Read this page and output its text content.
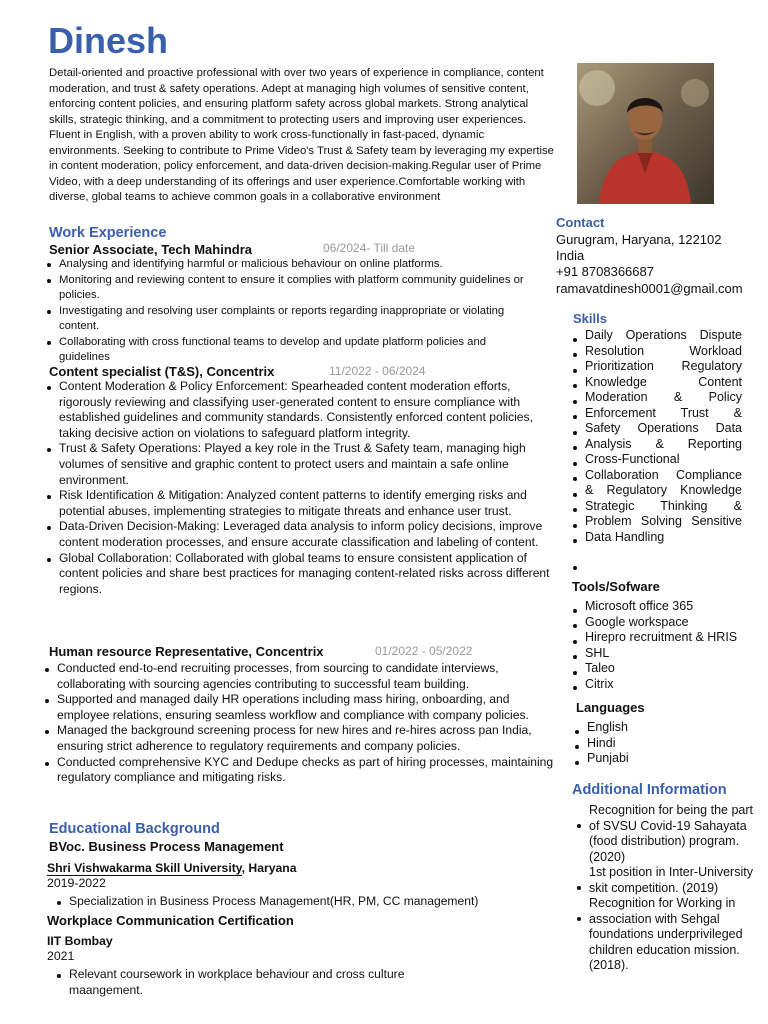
Dinesh
Detail-oriented and proactive professional with over two years of experience in compliance, content moderation, and trust & safety operations. Adept at managing high volumes of sensitive content, enforcing content policies, and ensuring platform safety across global markets. Strong analytical skills, strategic thinking, and a commitment to protecting users and improving user experiences. Fluent in English, with a proven ability to work cross-functionally in fast-paced, dynamic environments. Seeking to contribute to Prime Video's Trust & Safety team by leveraging my expertise in content moderation, policy enforcement, and data-driven decision-making.Regular user of Prime Video, with a deep understanding of its offerings and user experience.Comfortable working with diverse, global teams to achieve common goals in a collaborative environment
Work Experience
Senior Associate, Tech Mahindra	06/2024- Till date
Analysing and identifying harmful or malicious behaviour on online platforms.
Monitoring and reviewing content to ensure it complies with platform community guidelines or policies.
Investigating and resolving user complaints or reports regarding inappropriate or violating content.
Collaborating with cross functional teams to develop and update platform policies and guidelines
Content specialist (T&S), Concentrix	11/2022 - 06/2024
Content Moderation & Policy Enforcement: Spearheaded content moderation efforts, rigorously reviewing and classifying user-generated content to ensure compliance with established guidelines and community standards. Consistently enforced content policies, taking decisive action on violations to safeguard platform integrity.
Trust & Safety Operations: Played a key role in the Trust & Safety team, managing high volumes of sensitive and graphic content to protect users and maintain a safe online environment.
Risk Identification & Mitigation: Analyzed content patterns to identify emerging risks and potential abuses, implementing strategies to mitigate threats and enhance user trust.
Data-Driven Decision-Making: Leveraged data analysis to inform policy decisions, improve content moderation processes, and ensure accurate classification and labeling of content.
Global Collaboration: Collaborated with global teams to ensure consistent application of content policies and share best practices for managing content-related risks across different regions.
Human resource Representative, Concentrix	01/2022 - 05/2022
Conducted end-to-end recruiting processes, from sourcing to candidate interviews, collaborating with sourcing agencies contributing to successful team building.
Supported and managed daily HR operations including mass hiring, onboarding, and employee relations, ensuring seamless workflow and compliance with company policies.
Managed the background screening process for new hires and re-hires across pan India, ensuring strict adherence to regulatory requirements and company policies.
Conducted comprehensive KYC and Dedupe checks as part of hiring processes, maintaining regulatory compliance and mitigating risks.
Educational Background
BVoc. Business Process Management
Shri Vishwakarma Skill University, Haryana
2019-2022
Specialization in Business Process Management(HR, PM, CC management)
Workplace Communication Certification
IIT Bombay
2021
Relevant coursework in workplace behaviour and cross culture maangement.
Contact
Gurugram, Haryana, 122102
India
+91 8708366687
ramavatdinesh0001@gmail.com
Skills
Daily Operations Dispute
Resolution Workload
Prioritization Regulatory
Knowledge Content
Moderation & Policy
Enforcement Trust &
Safety Operations Data
Analysis & Reporting
Cross-Functional
Collaboration Compliance
& Regulatory Knowledge
Strategic Thinking &
Problem Solving Sensitive
Data Handling
Tools/Sofware
Microsoft office 365
Google workspace
Hirepro recruitment & HRIS
SHL
Taleo
Citrix
Languages
English
Hindi
Punjabi
Additional Information
Recognition for being the part of SVSU Covid-19 Sahayata (food distribution) program. (2020)
1st position in Inter-University skit competition. (2019)
Recognition for Working in association with Sehgal foundations underprivileged children education mission. (2018).
